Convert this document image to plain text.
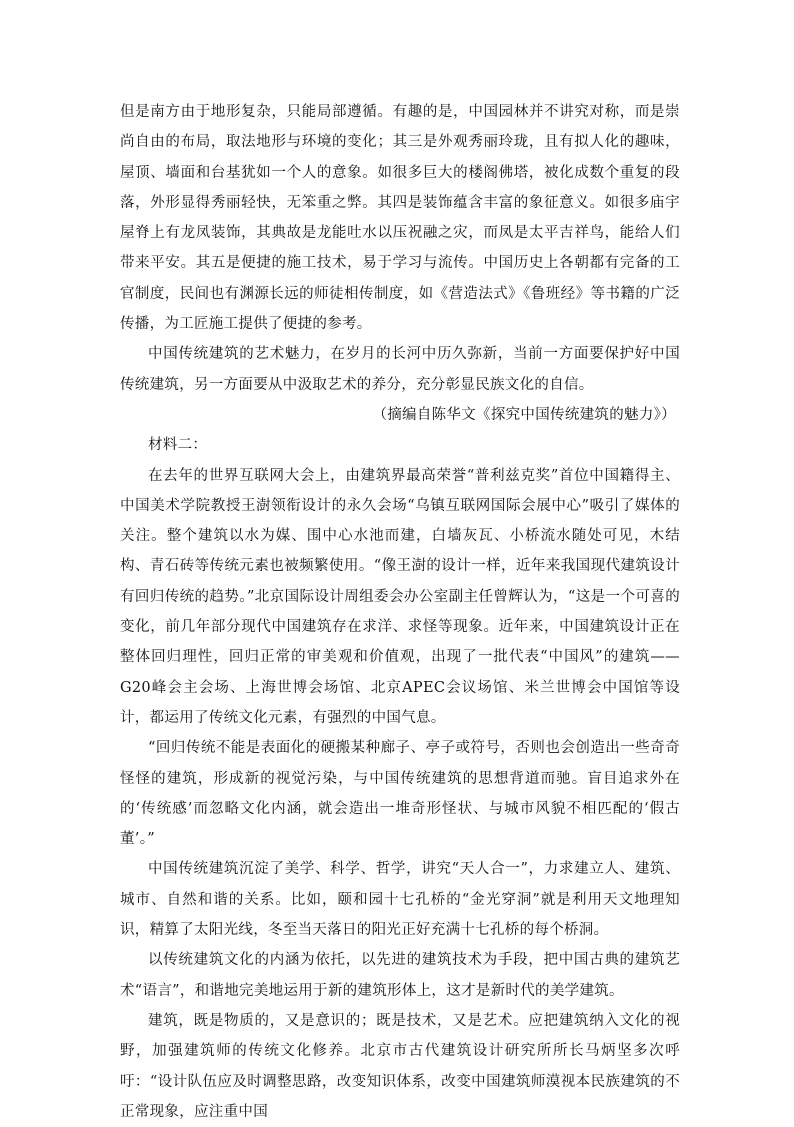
但是南方由于地形复杂，只能局部遵循。有趣的是，中国园林并不讲究对称，而是崇尚自由的布局，取法地形与环境的变化；其三是外观秀丽玲珑，且有拟人化的趣味，屋顶、墙面和台基犹如一个人的意象。如很多巨大的楼阁佛塔，被化成数个重复的段落，外形显得秀丽轻快，无笨重之弊。其四是装饰蕴含丰富的象征意义。如很多庙宇屋脊上有龙凤装饰，其典故是龙能吐水以压祝融之灾，而凤是太平吉祥鸟，能给人们带来平安。其五是便捷的施工技术，易于学习与流传。中国历史上各朝都有完备的工官制度，民间也有渊源长远的师徒相传制度，如《营造法式》《鲁班经》等书籍的广泛传播，为工匠施工提供了便捷的参考。

中国传统建筑的艺术魅力，在岁月的长河中历久弥新，当前一方面要保护好中国传统建筑，另一方面要从中汲取艺术的养分，充分彰显民族文化的自信。

（摘编自陈华文《探究中国传统建筑的魅力》）

材料二：

在去年的世界互联网大会上，由建筑界最高荣誉“普利兹克奖”首位中国籍得主、中国美术学院教授王澍领衔设计的永久会场“乌镇互联网国际会展中心”吸引了媒体的关注。整个建筑以水为媒、围中心水池而建，白墙灰瓦、小桥流水随处可见，木结构、青石砖等传统元素也被频繁使用。“像王澍的设计一样，近年来我国现代建筑设计有回归传统的趋势。”北京国际设计周组委会办公室副主任曾辉认为，“这是一个可喜的变化，前几年部分现代中国建筑存在求洋、求怪等现象。近年来，中国建筑设计正在整体回归理性，回归正常的审美观和价值观，出现了一批代表“中国风”的建筑——G20峰会主会场、上海世博会场馆、北京APEC会议场馆、米兰世博会中国馆等设计，都运用了传统文化元素，有强烈的中国气息。

“回归传统不能是表面化的硬搬某种廊子、亭子或符号，否则也会创造出一些奇奇怪怪的建筑，形成新的视觉污染，与中国传统建筑的思想背道而驰。盲目追求外在的‘传统感’而忽略文化内涵，就会造出一堆奇形怪状、与城市风貌不相匹配的‘假古董’。”

中国传统建筑沉淀了美学、科学、哲学，讲究“天人合一”，力求建立人、建筑、城市、自然和谐的关系。比如，颐和园十七孔桥的“金光穿洞”就是利用天文地理知识，精算了太阳光线，冬至当天落日的阳光正好充满十七孔桥的每个桥洞。

以传统建筑文化的内涵为依托，以先进的建筑技术为手段，把中国古典的建筑艺术“语言”，和谐地完美地运用于新的建筑形体上，这才是新时代的美学建筑。

建筑，既是物质的，又是意识的；既是技术，又是艺术。应把建筑纳入文化的视野，加强建筑师的传统文化修养。北京市古代建筑设计研究所所长马炳坚多次呼吁：“设计队伍应及时调整思路，改变知识体系，改变中国建筑师漠视本民族建筑的不正常现象，应注重中国
